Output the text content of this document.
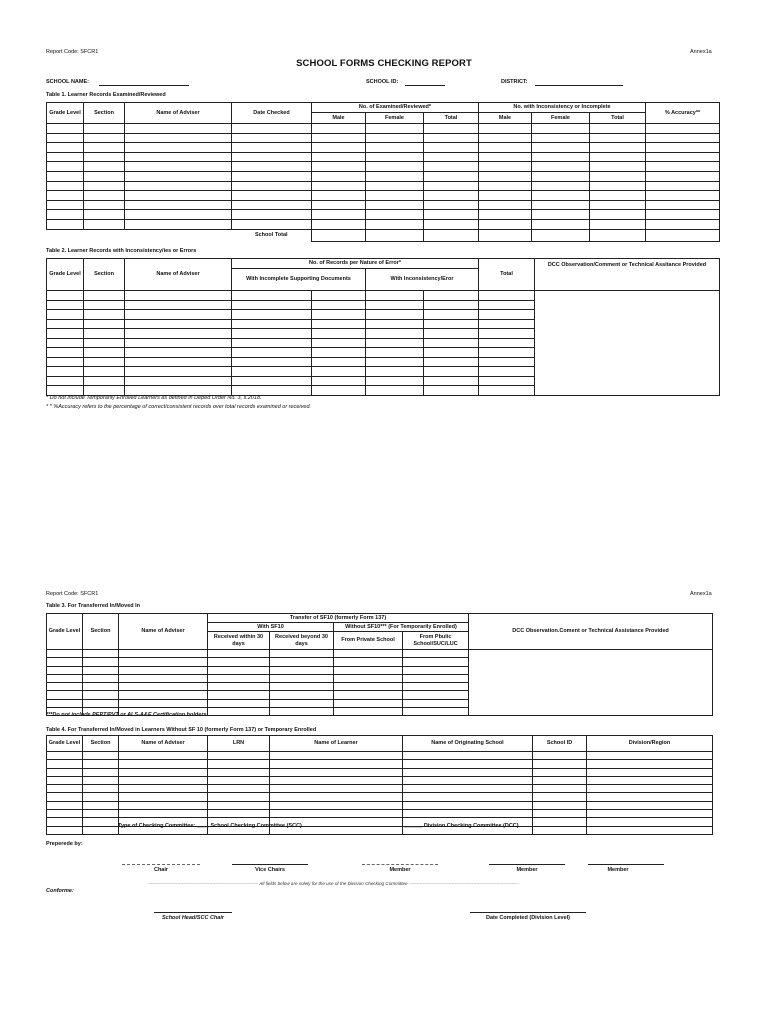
Report Code: SFCR1	Annex1a
SCHOOL FORMS CHECKING REPORT
SCHOOL NAME:	SCHOOL ID:	DISTRICT:
Table 1. Learner Records Examined/Reviewed
Grade Level	Section	Name of Adviser	Date Checked	No. of Examined/Reviewed*			No. with Inconsistency or Incomplete			% Accuracy**
				Male	Female	Total	Male	Female	Total	

			School Total							
Table 2. Learner Records with Inconsistency/ies or Errors
Grade Level	Section	Name of Adviser	No. of Records per Nature of Error*				Total	DCC Observation/Comment or Technical Assitance Provided
			With Incomplete Supporting Documents		With Inconsistency/Eror			

* Do not include Temporarily Enrolled Learners as defined in Deped Order No. 3, s.2018.
* * %Accuracy refers to the percentage of correct/consistent records over total records examined or received.
Report Code: SFCR1	Annex1a
Table 3. For Transferred In/Moved In
Grade Level	Section	Name of Adviser	Transfer of SF10 (formerly Form 137)				DCC Observation.Coment or Technical Assistance Provided
			With SF10		Without SF10*** (For Temporarily Enrolled)		
			Received within 30 days	Received beyond 30 days	From Private School	From Pbulic School/SUC/LUC	

***Do not include PEPT/PVT or ALS-A&E Certification holders.
Table 4. For Transferred In/Moved in Learners Without SF 10 (formerly Form 137) or Temporary Enrolled
Grade Level	Section	Name of Adviser	LRN	Name of Learner	Name of Originating School	School ID	Division/Region

Type of Checking Committee: ____ School Checking Committee (SCC)	______ Division Checking Committee (DCC)
Preperede by:
Chair	Vice Chairs	Member	Member	Member
------------------------------------------------------------------------ All fields below are solely for the use of the Division Checking Committee ------------------------------------------------------------------------
Conforme:
School Head/SCC Chair	Date Completed (Division Level)
